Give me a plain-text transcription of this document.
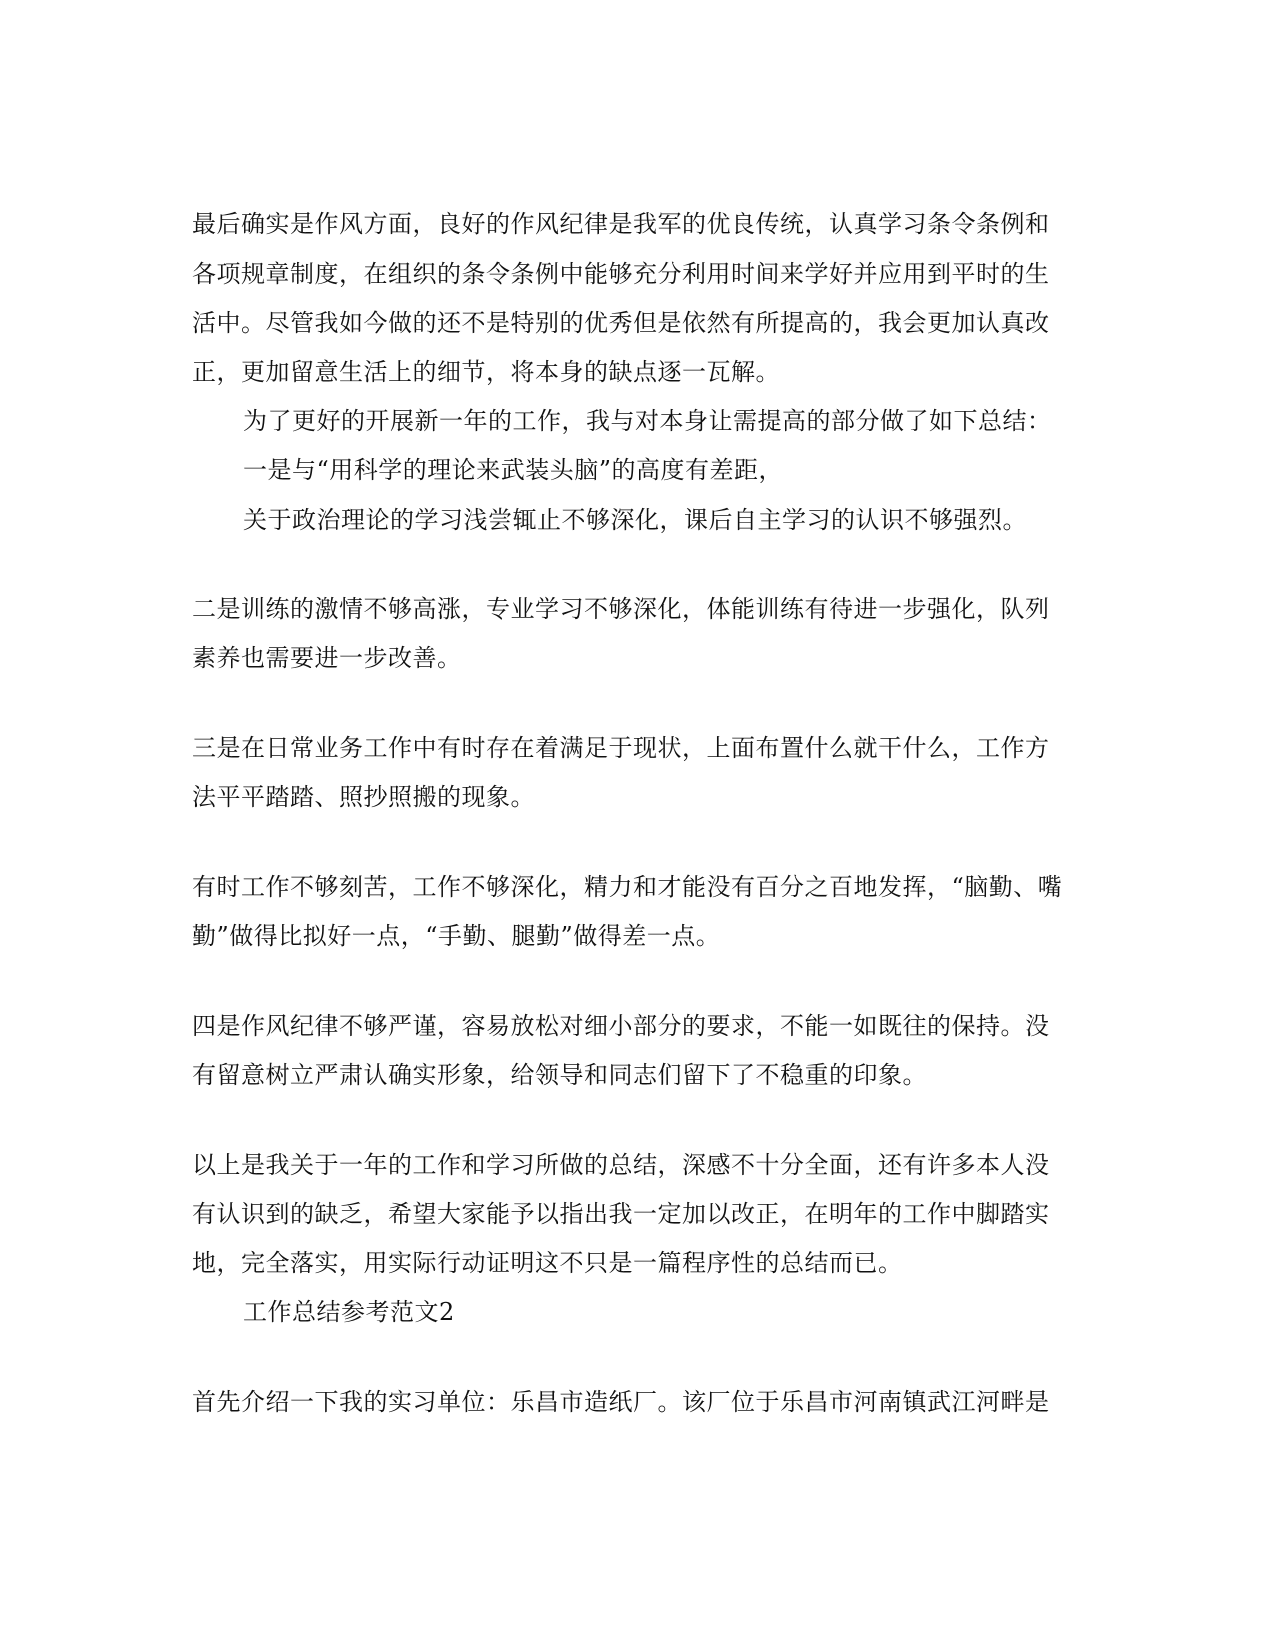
最后确实是作风方面，良好的作风纪律是我军的优良传统，认真学习条令条例和
各项规章制度，在组织的条令条例中能够充分利用时间来学好并应用到平时的生
活中。尽管我如今做的还不是特别的优秀但是依然有所提高的，我会更加认真改
正，更加留意生活上的细节，将本身的缺点逐一瓦解。
为了更好的开展新一年的工作，我与对本身让需提高的部分做了如下总结：
一是与“用科学的理论来武装头脑”的高度有差距，
关于政治理论的学习浅尝辄止不够深化，课后自主学习的认识不够强烈。
二是训练的激情不够高涨，专业学习不够深化，体能训练有待进一步强化，队列
素养也需要进一步改善。
三是在日常业务工作中有时存在着满足于现状，上面布置什么就干什么，工作方
法平平踏踏、照抄照搬的现象。
有时工作不够刻苦，工作不够深化，精力和才能没有百分之百地发挥，“脑勤、嘴
勤”做得比拟好一点，“手勤、腿勤”做得差一点。
四是作风纪律不够严谨，容易放松对细小部分的要求，不能一如既往的保持。没
有留意树立严肃认确实形象，给领导和同志们留下了不稳重的印象。
以上是我关于一年的工作和学习所做的总结，深感不十分全面，还有许多本人没
有认识到的缺乏，希望大家能予以指出我一定加以改正，在明年的工作中脚踏实
地，完全落实，用实际行动证明这不只是一篇程序性的总结而已。
工作总结参考范文2
首先介绍一下我的实习单位：乐昌市造纸厂。该厂位于乐昌市河南镇武江河畔是
